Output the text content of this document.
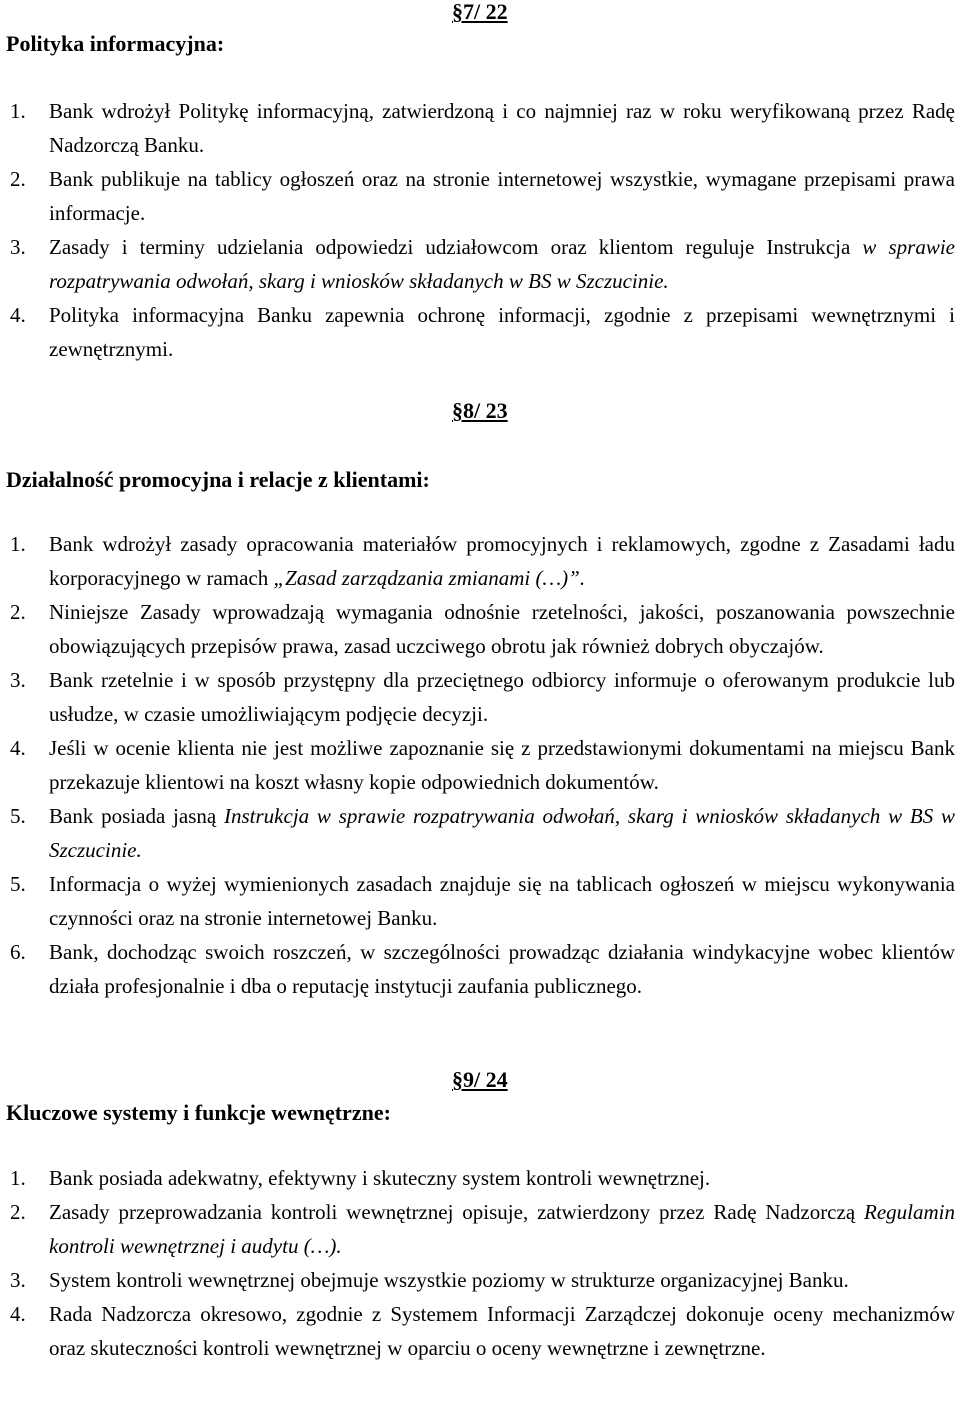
§7/ 22
Polityka informacyjna:
1. Bank wdrożył Politykę informacyjną, zatwierdzoną i co najmniej raz w roku weryfikowaną przez Radę Nadzorczą Banku.
2. Bank publikuje na tablicy ogłoszeń oraz na stronie internetowej wszystkie, wymagane przepisami prawa informacje.
3. Zasady i terminy udzielania odpowiedzi udziałowcom oraz klientom reguluje Instrukcja w sprawie rozpatrywania odwołań, skarg i wniosków składanych w BS w Szczucinie.
4. Polityka informacyjna Banku zapewnia ochronę informacji, zgodnie z przepisami wewnętrznymi i zewnętrznymi.
§8/ 23
Działalność promocyjna i relacje z klientami:
1. Bank wdrożył zasady opracowania materiałów promocyjnych i reklamowych, zgodne z Zasadami ładu korporacyjnego w ramach „Zasad zarządzania zmianami (…)”.
2. Niniejsze Zasady wprowadzają wymagania odnośnie rzetelności, jakości, poszanowania powszechnie obowiązujących przepisów prawa, zasad uczciwego obrotu jak również dobrych obyczajów.
3. Bank rzetelnie i w sposób przystępny dla przeciętnego odbiorcy informuje o oferowanym produkcie lub usłudze, w czasie umożliwiającym podjęcie decyzji.
4. Jeśli w ocenie klienta nie jest możliwe zapoznanie się z przedstawionymi dokumentami na miejscu Bank przekazuje klientowi na koszt własny kopie odpowiednich dokumentów.
5. Bank posiada jasną Instrukcja w sprawie rozpatrywania odwołań, skarg i wniosków składanych w BS w Szczucinie.
5. Informacja o wyżej wymienionych zasadach znajduje się na tablicach ogłoszeń w miejscu wykonywania czynności oraz na stronie internetowej Banku.
6. Bank, dochodząc swoich roszczeń, w szczególności prowadząc działania windykacyjne wobec klientów działa profesjonalnie i dba o reputację instytucji zaufania publicznego.
§9/ 24
Kluczowe systemy i funkcje wewnętrzne:
1. Bank posiada adekwatny, efektywny i skuteczny system kontroli wewnętrznej.
2. Zasady przeprowadzania kontroli wewnętrznej opisuje, zatwierdzony przez Radę Nadzorczą Regulamin kontroli wewnętrznej i audytu (…).
3. System kontroli wewnętrznej obejmuje wszystkie poziomy w strukturze organizacyjnej Banku.
4. Rada Nadzorcza okresowo, zgodnie z Systemem Informacji Zarządczej dokonuje oceny mechanizmów oraz skuteczności kontroli wewnętrznej w oparciu o oceny wewnętrzne i zewnętrzne.
